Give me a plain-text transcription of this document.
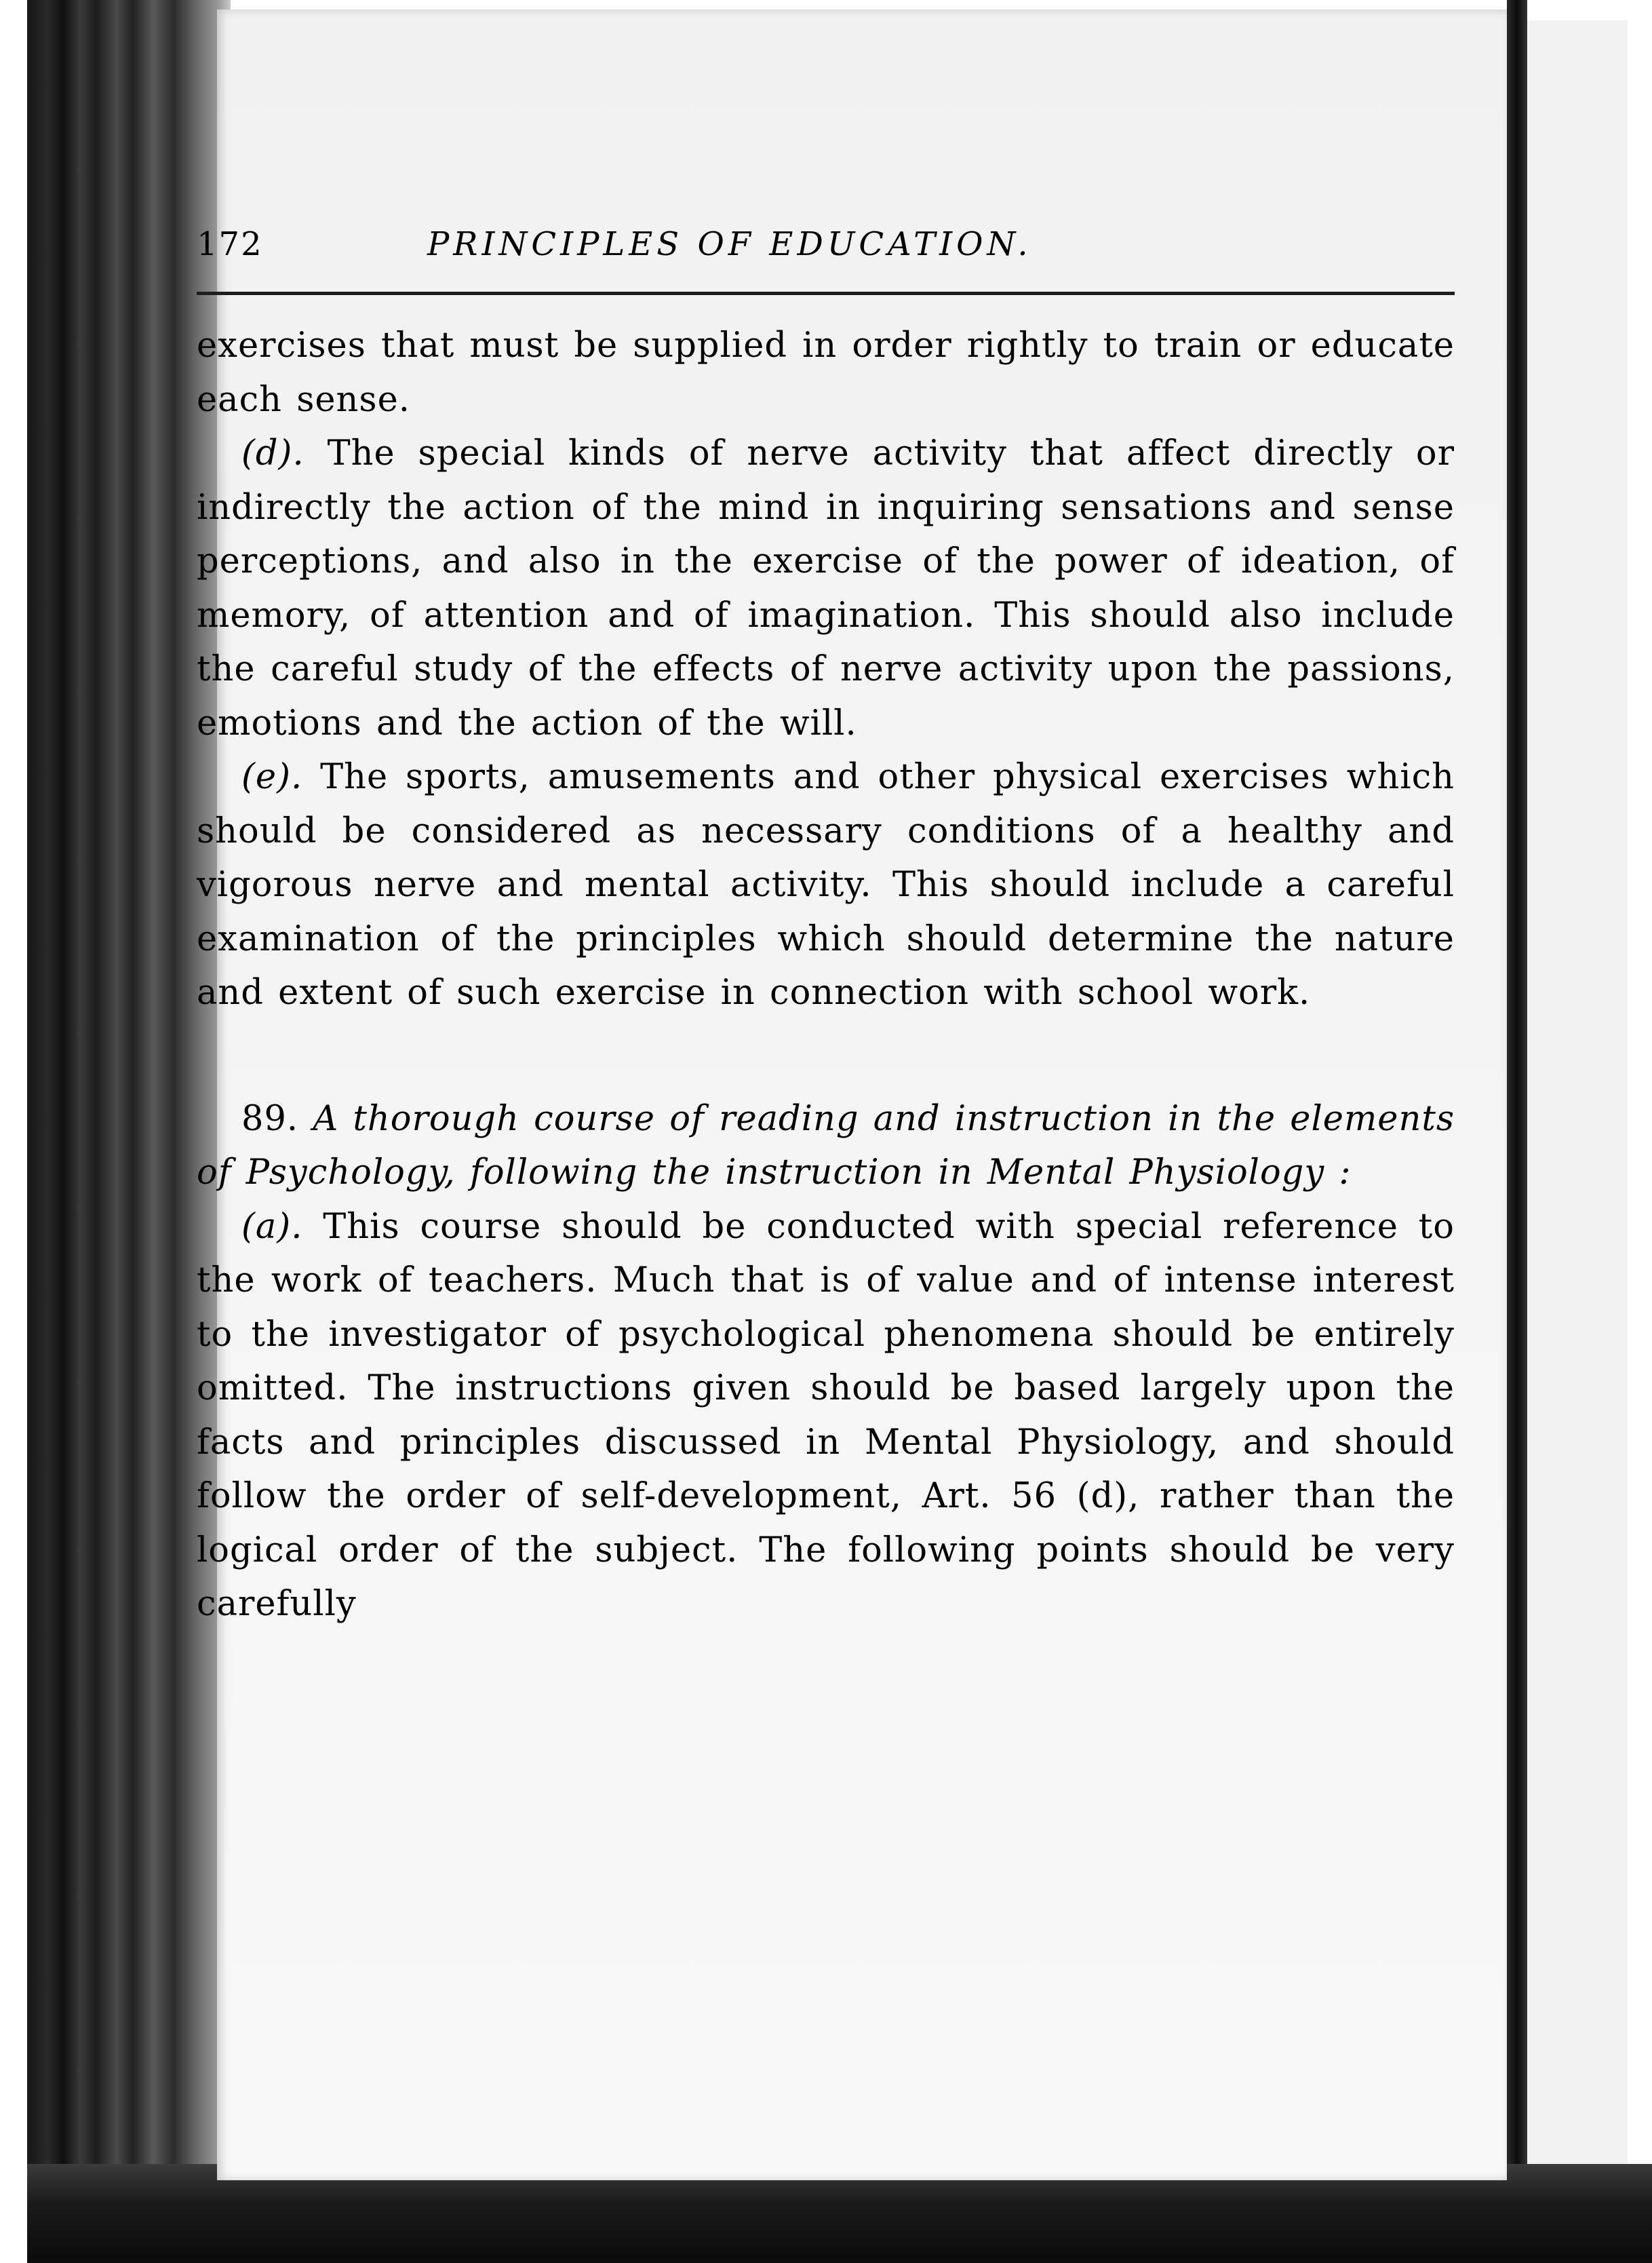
172	PRINCIPLES OF EDUCATION.

exercises that must be supplied in order rightly to train or educate each sense.

(d). The special kinds of nerve activity that affect directly or indirectly the action of the mind in inquiring sensations and sense perceptions, and also in the exercise of the power of ideation, of memory, of attention and of imagination. This should also include the careful study of the effects of nerve activity upon the passions, emotions and the action of the will.

(e). The sports, amusements and other physical exercises which should be considered as necessary conditions of a healthy and vigorous nerve and mental activity. This should include a careful examination of the principles which should determine the nature and extent of such exercise in connection with school work.

89. A thorough course of reading and instruction in the elements of Psychology, following the instruction in Mental Physiology :

(a). This course should be conducted with special reference to the work of teachers. Much that is of value and of intense interest to the investigator of psychological phenomena should be entirely omitted. The instructions given should be based largely upon the facts and principles discussed in Mental Physiology, and should follow the order of self-development, Art. 56 (d), rather than the logical order of the subject. The following points should be very carefully
